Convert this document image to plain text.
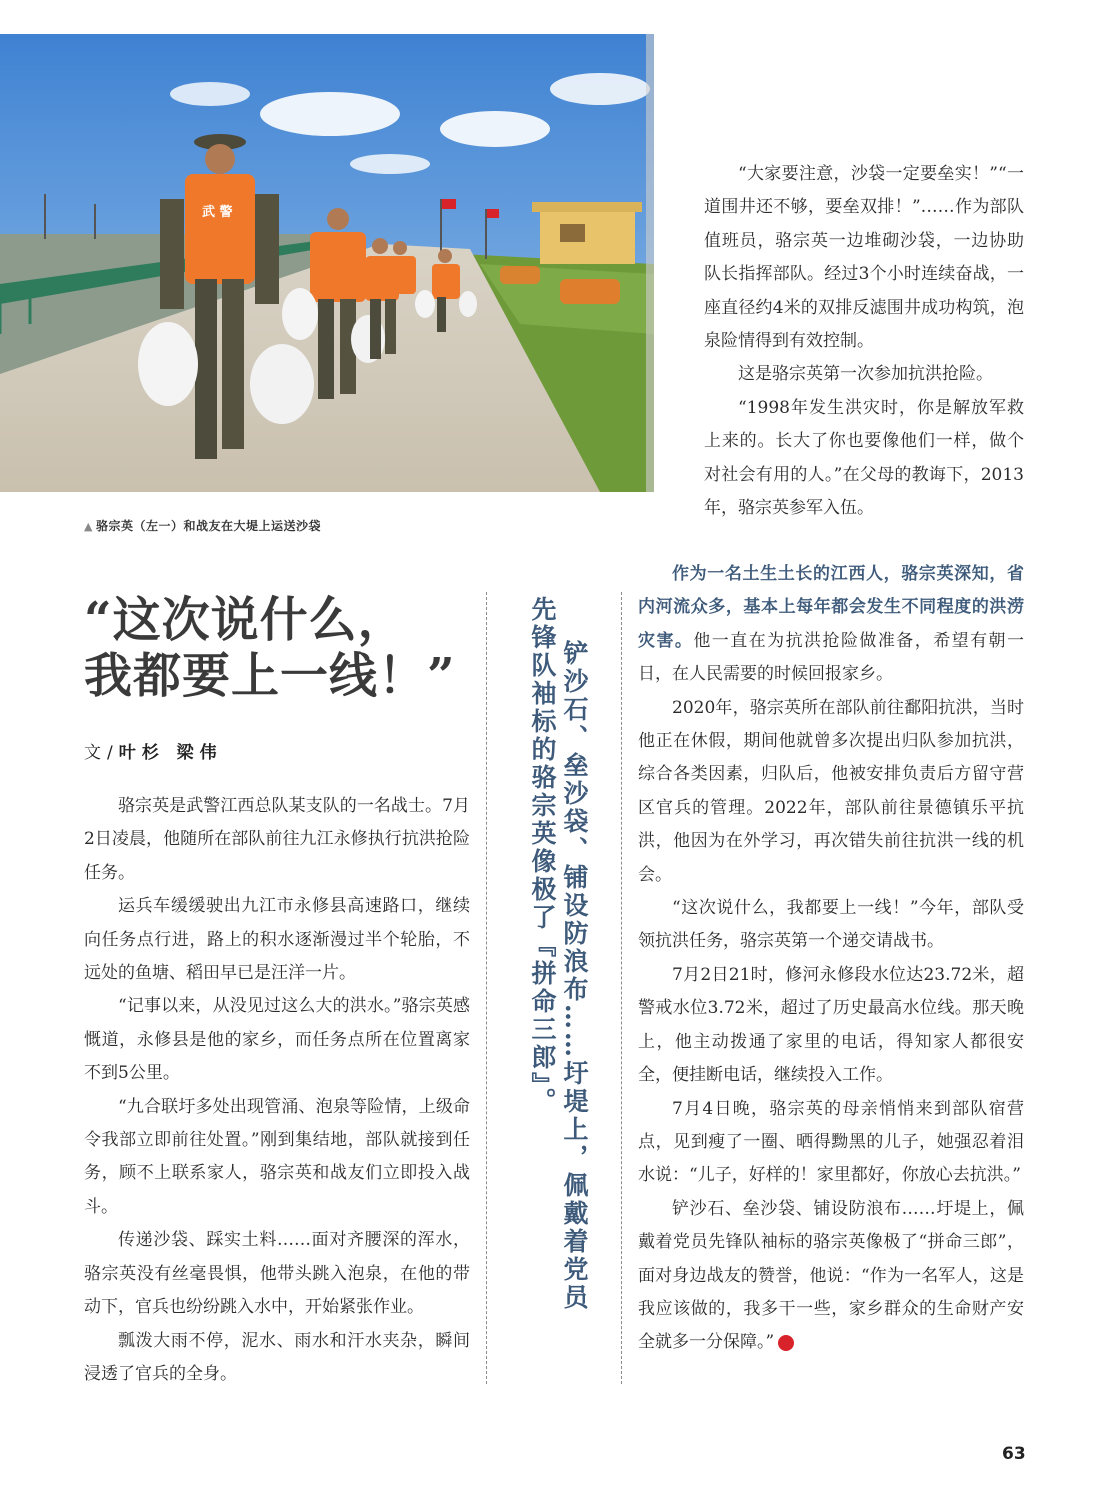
武 警
▲ 骆宗英（左一）和战友在大堤上运送沙袋
“这次说什么，
我都要上一线！”
文/叶杉 梁伟

骆宗英是武警江西总队某支队的一名战士。7月2日凌晨，他随所在部队前往九江永修执行抗洪抢险任务。

运兵车缓缓驶出九江市永修县高速路口，继续向任务点行进，路上的积水逐渐漫过半个轮胎，不远处的鱼塘、稻田早已是汪洋一片。

“记事以来，从没见过这么大的洪水。”骆宗英感慨道，永修县是他的家乡，而任务点所在位置离家不到5公里。

“九合联圩多处出现管涌、泡泉等险情，上级命令我部立即前往处置。”刚到集结地，部队就接到任务，顾不上联系家人，骆宗英和战友们立即投入战斗。

传递沙袋、踩实土料……面对齐腰深的浑水，骆宗英没有丝毫畏惧，他带头跳入泡泉，在他的带动下，官兵也纷纷跳入水中，开始紧张作业。

瓢泼大雨不停，泥水、雨水和汗水夹杂，瞬间浸透了官兵的全身。

铲沙石、垒沙袋、铺设防浪布……圩堤上，佩戴着党员
先锋队袖标的骆宗英像极了『拼命三郎』。

“大家要注意，沙袋一定要垒实！”“一道围井还不够，要垒双排！”……作为部队值班员，骆宗英一边堆砌沙袋，一边协助队长指挥部队。经过3个小时连续奋战，一座直径约4米的双排反滤围井成功构筑，泡泉险情得到有效控制。

这是骆宗英第一次参加抗洪抢险。

“1998年发生洪灾时，你是解放军救上来的。长大了你也要像他们一样，做个对社会有用的人。”在父母的教诲下，2013年，骆宗英参军入伍。

作为一名土生土长的江西人，骆宗英深知，省内河流众多，基本上每年都会发生不同程度的洪涝灾害。他一直在为抗洪抢险做准备，希望有朝一日，在人民需要的时候回报家乡。

2020年，骆宗英所在部队前往鄱阳抗洪，当时他正在休假，期间他就曾多次提出归队参加抗洪，综合各类因素，归队后，他被安排负责后方留守营区官兵的管理。2022年，部队前往景德镇乐平抗洪，他因为在外学习，再次错失前往抗洪一线的机会。

“这次说什么，我都要上一线！”今年，部队受领抗洪任务，骆宗英第一个递交请战书。

7月2日21时，修河永修段水位达23.72米，超警戒水位3.72米，超过了历史最高水位线。那天晚上，他主动拨通了家里的电话，得知家人都很安全，便挂断电话，继续投入工作。

7月4日晚，骆宗英的母亲悄悄来到部队宿营点，见到瘦了一圈、晒得黝黑的儿子，她强忍着泪水说：“儿子，好样的！家里都好，你放心去抗洪。”

铲沙石、垒沙袋、铺设防浪布……圩堤上，佩戴着党员先锋队袖标的骆宗英像极了“拼命三郎”，面对身边战友的赞誉，他说：“作为一名军人，这是我应该做的，我多干一些，家乡群众的生命财产安全就多一分保障。”	N

63
